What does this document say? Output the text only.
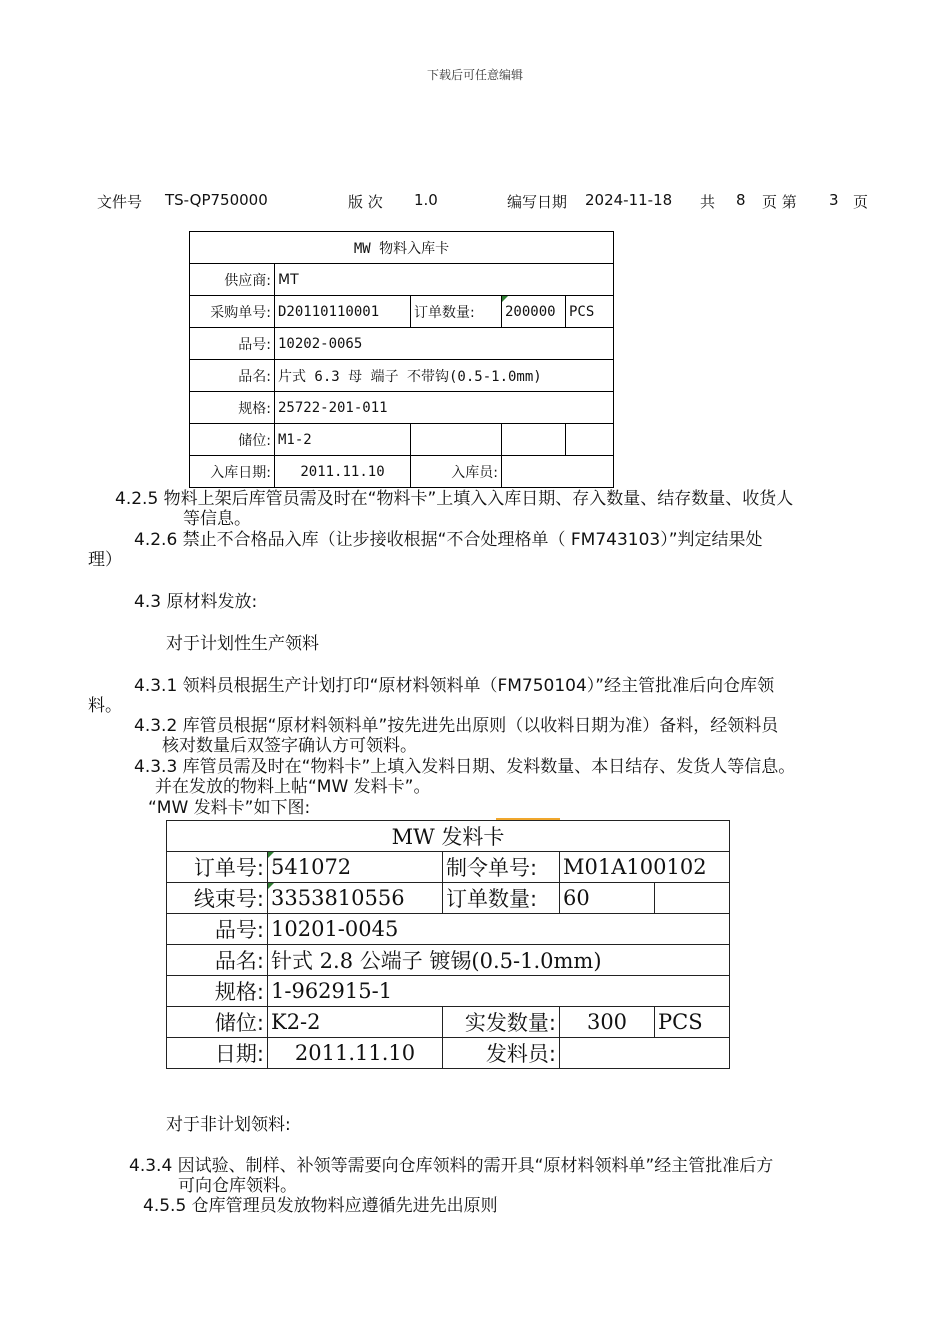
下载后可任意编辑
文件号 TS-QP750000	版 次 1.0	编写日期 2024-11-18 共 8 页 第 3 页
MW 物料入库卡				
供应商:	MT			
采购单号:	D20110110001	订单数量:	200000	PCS
品号:	10202-0065			
品名:	片式 6.3 母 端子 不带钩(0.5-1.0mm)			
规格:	25722-201-011			
储位:	M1-2			
入库日期:	2011.11.10	入库员:		
4.2.5 物料上架后库管员需及时在“物料卡”上填入入库日期、存入数量、结存数量、收货人
等信息。
4.2.6 禁止不合格品入库（让步接收根据“不合处理格单（ FM743103）”判定结果处
理）
4.3 原材料发放:
对于计划性生产领料
4.3.1 领料员根据生产计划打印“原材料领料单（FM750104）”经主管批准后向仓库领
料。
4.3.2 库管员根据“原材料领料单”按先进先出原则（以收料日期为准）备料，经领料员
核对数量后双签字确认方可领料。
4.3.3 库管员需及时在“物料卡”上填入发料日期、发料数量、本日结存、发货人等信息。
并在发放的物料上帖“MW 发料卡”。
“MW 发料卡”如下图:
MW 发料卡				
订单号:	541072	制令单号:	M01A100102	
线束号:	3353810556	订单数量:	60	
品号:	10201-0045			
品名:	针式 2.8 公端子 镀锡(0.5-1.0mm)			
规格:	1-962915-1			
储位:	K2-2	实发数量:	300	PCS
日期:	2011.11.10	发料员:		
对于非计划领料:
4.3.4 因试验、制样、补领等需要向仓库领料的需开具“原材料领料单”经主管批准后方
可向仓库领料。
4.5.5 仓库管理员发放物料应遵循先进先出原则
